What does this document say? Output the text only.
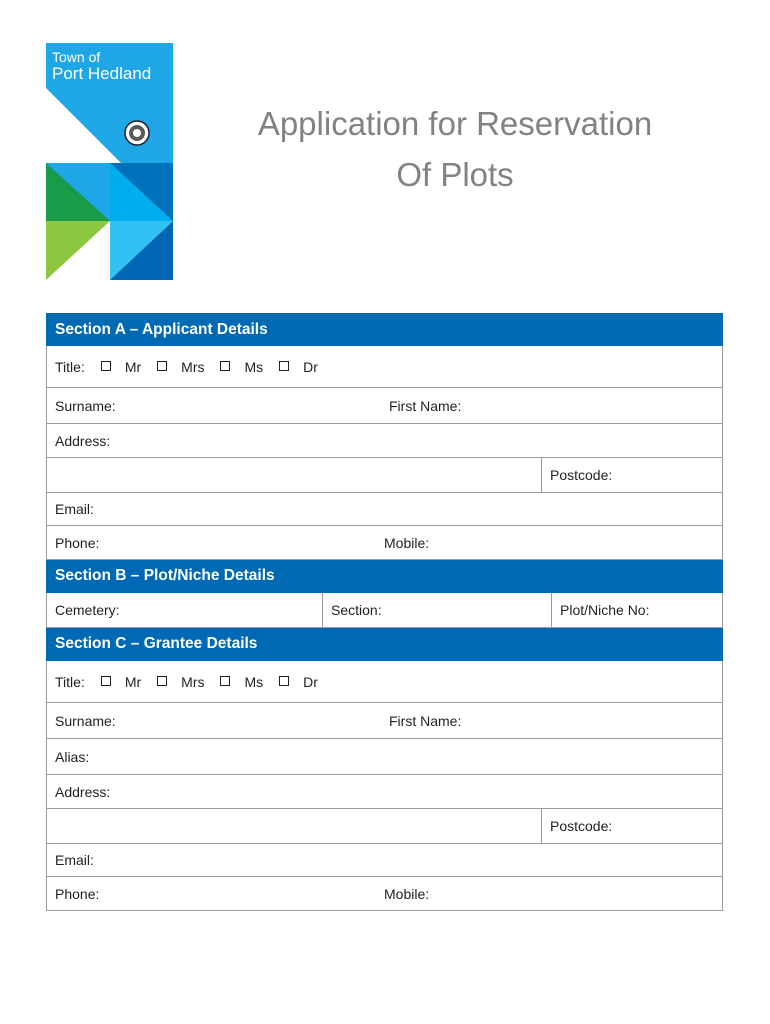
Town of
Port Hedland
Application for Reservation
Of Plots
Section A – Applicant Details
Title:	Mr	Mrs	Ms	Dr
Surname:	First Name:
Address:
Postcode:
Email:
Phone:	Mobile:
Section B – Plot/Niche Details
Cemetery:	Section:	Plot/Niche No:
Section C – Grantee Details
Title:	Mr	Mrs	Ms	Dr
Surname:	First Name:
Alias:
Address:
Postcode:
Email:
Phone:	Mobile:
